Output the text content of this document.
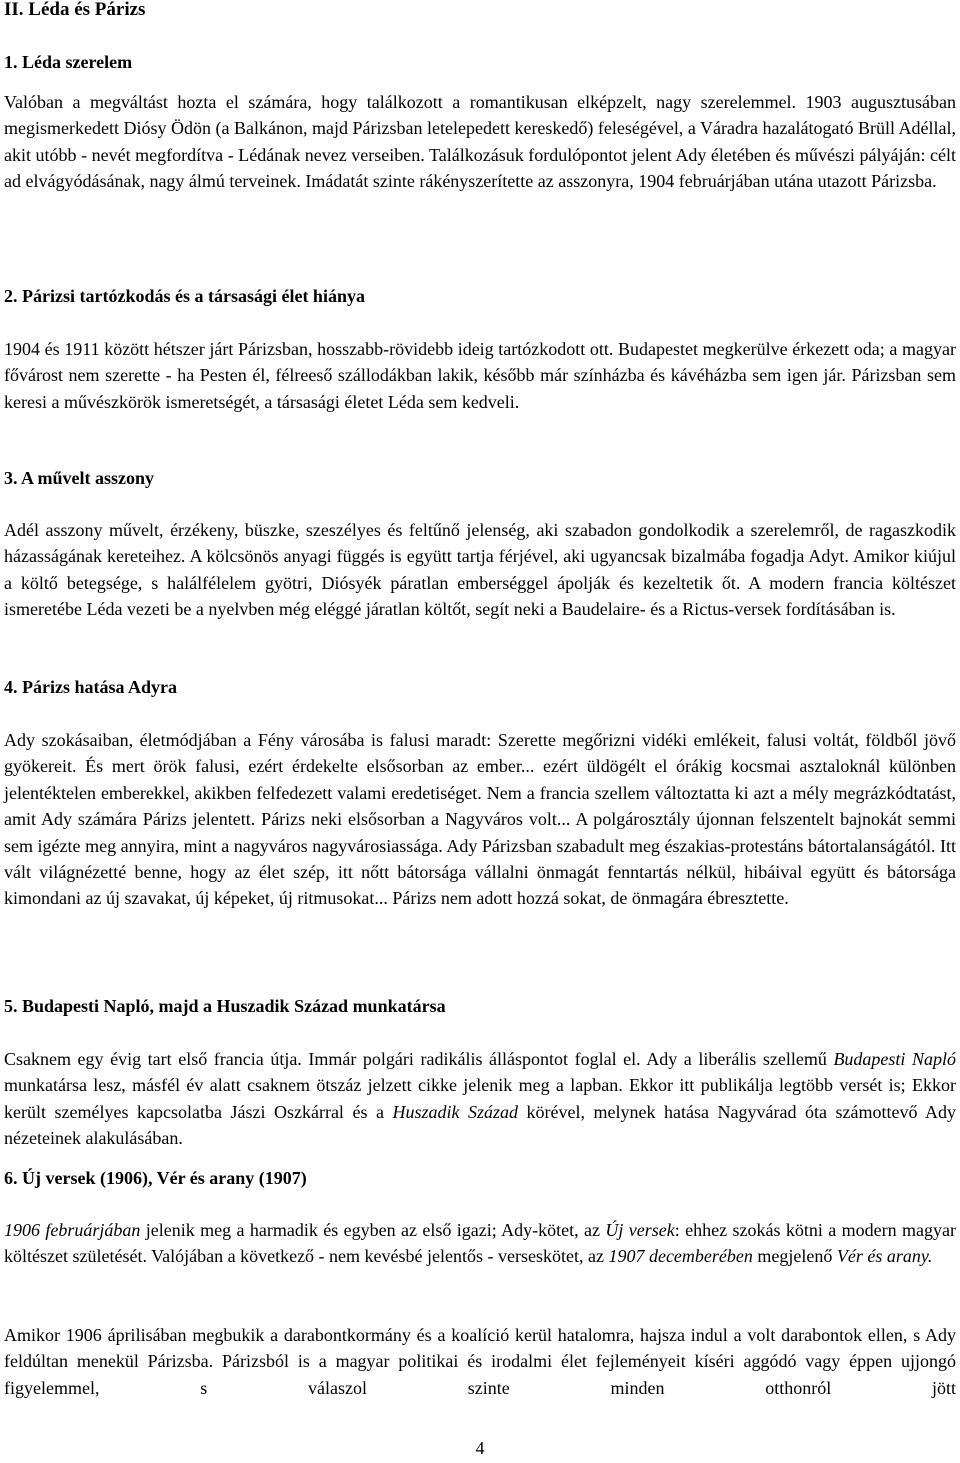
II. Léda és Párizs
1. Léda szerelem

Valóban a megváltást hozta el számára, hogy találkozott a romantikusan elképzelt, nagy szerelemmel. 1903 augusztusában megismerkedett Diósy Ödön (a Balkánon, majd Párizsban letelepedett kereskedő) feleségével, a Váradra hazalátogató Brüll Adéllal, akit utóbb - nevét megfordítva - Lédának nevez verseiben. Találkozásuk fordulópontot jelent Ady életében és művészi pályáján: célt ad elvágyódásának, nagy álmú terveinek. Imádatát szinte rákényszerítette az asszonyra, 1904 februárjában utána utazott Párizsba.

2. Párizsi tartózkodás és a társasági élet hiánya

1904 és 1911 között hétszer járt Párizsban, hosszabb-rövidebb ideig tartózkodott ott. Budapestet megkerülve érkezett oda; a magyar fővárost nem szerette - ha Pesten él, félreeső szállodákban lakik, később már színházba és kávéházba sem igen jár. Párizsban sem keresi a művészkörök ismeretségét, a társasági életet Léda sem kedveli.

3. A művelt asszony

Adél asszony művelt, érzékeny, büszke, szeszélyes és feltűnő jelenség, aki szabadon gondolkodik a szerelemről, de ragaszkodik házasságának kereteihez. A kölcsönös anyagi függés is együtt tartja férjével, aki ugyancsak bizalmába fogadja Adyt. Amikor kiújul a költő betegsége, s halálfélelem gyötri, Diósyék páratlan emberséggel ápolják és kezeltetik őt. A modern francia költészet ismeretébe Léda vezeti be a nyelvben még eléggé járatlan költőt, segít neki a Baudelaire- és a Rictus-versek fordításában is.

4. Párizs hatása Adyra

Ady szokásaiban, életmódjában a Fény városába is falusi maradt: Szerette megőrizni vidéki emlékeit, falusi voltát, földből jövő gyökereit. És mert örök falusi, ezért érdekelte elsősorban az ember... ezért üldögélt el órákig kocsmai asztaloknál különben jelentéktelen emberekkel, akikben felfedezett valami eredetiséget. Nem a francia szellem változtatta ki azt a mély megrázkódtatást, amit Ady számára Párizs jelentett. Párizs neki elsősorban a Nagyváros volt... A polgárosztály újonnan felszentelt bajnokát semmi sem igézte meg annyira, mint a nagyváros nagyvárosiassága. Ady Párizsban szabadult meg északias-protestáns bátortalanságától. Itt vált világnézetté benne, hogy az élet szép, itt nőtt bátorsága vállalni önmagát fenntartás nélkül, hibáival együtt és bátorsága kimondani az új szavakat, új képeket, új ritmusokat... Párizs nem adott hozzá sokat, de önmagára ébresztette.

5. Budapesti Napló, majd a Huszadik Század munkatársa

Csaknem egy évig tart első francia útja. Immár polgári radikális álláspontot foglal el. Ady a liberális szellemű Budapesti Napló munkatársa lesz, másfél év alatt csaknem ötszáz jelzett cikke jelenik meg a lapban. Ekkor itt publikálja legtöbb versét is; Ekkor került személyes kapcsolatba Jászi Oszkárral és a Huszadik Század körével, melynek hatása Nagyvárad óta számottevő Ady nézeteinek alakulásában.

6. Új versek (1906), Vér és arany (1907)

1906 februárjában jelenik meg a harmadik és egyben az első igazi; Ady-kötet, az Új versek: ehhez szokás kötni a modern magyar költészet születését. Valójában a következő - nem kevésbé jelentős - verseskötet, az 1907 decemberében megjelenő Vér és arany.

Amikor 1906 áprilisában megbukik a darabontkormány és a koalíció kerül hatalomra, hajsza indul a volt darabontok ellen, s Ady feldúltan menekül Párizsba. Párizsból is a magyar politikai és irodalmi élet fejleményeit kíséri aggódó vagy éppen ujjongó figyelemmel, s válaszol szinte minden otthonról jött

4
